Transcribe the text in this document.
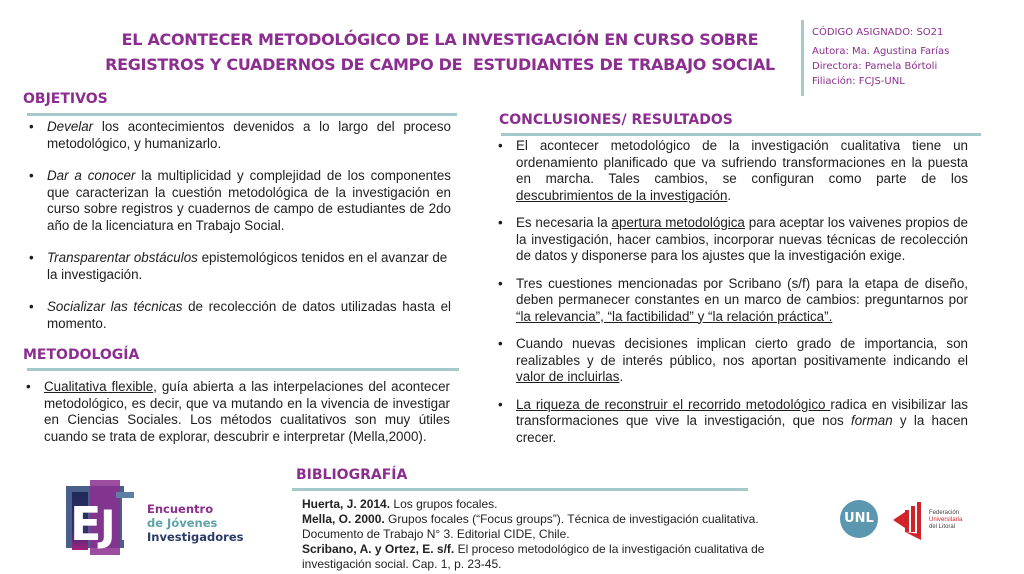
EL ACONTECER METODOLÓGICO DE LA INVESTIGACIÓN EN CURSO SOBRE
REGISTROS Y CUADERNOS DE CAMPO DE  ESTUDIANTES DE TRABAJO SOCIAL
CÓDIGO ASIGNADO: SO21
Autora: Ma. Agustina Farías
Directora: Pamela Bórtoli
Filiación: FCJS-UNL
OBJETIVOS
• Develar los acontecimientos devenidos a lo largo del proceso metodológico, y humanizarlo.
• Dar a conocer la multiplicidad y complejidad de los componentes que caracterizan la cuestión metodológica de la investigación en curso sobre registros y cuadernos de campo de estudiantes de 2do año de la licenciatura en Trabajo Social.
• Transparentar obstáculos epistemológicos tenidos en el avanzar de la investigación.
• Socializar las técnicas de recolección de datos utilizadas hasta el momento.
METODOLOGÍA
• Cualitativa flexible, guía abierta a las interpelaciones del acontecer metodológico, es decir, que va mutando en la vivencia de investigar en Ciencias Sociales. Los métodos cualitativos son muy útiles cuando se trata de explorar, descubrir e interpretar (Mella,2000).
CONCLUSIONES/ RESULTADOS
• El acontecer metodológico de la investigación cualitativa tiene un ordenamiento planificado que va sufriendo transformaciones en la puesta en marcha. Tales cambios, se configuran como parte de los descubrimientos de la investigación.
• Es necesaria la apertura metodológica para aceptar los vaivenes propios de la investigación, hacer cambios, incorporar nuevas técnicas de recolección de datos y disponerse para los ajustes que la investigación exige.
• Tres cuestiones mencionadas por Scribano (s/f) para la etapa de diseño, deben permanecer constantes en un marco de cambios: preguntarnos por “la relevancia”, “la factibilidad” y “la relación práctica”.
• Cuando nuevas decisiones implican cierto grado de importancia, son realizables y de interés público, nos aportan positivamente indicando el valor de incluirlas.
• La riqueza de reconstruir el recorrido metodológico radica en visibilizar las transformaciones que vive la investigación, que nos forman y la hacen crecer.
BIBLIOGRAFÍA
Huerta, J. 2014. Los grupos focales.
Mella, O. 2000. Grupos focales (“Focus groups”). Técnica de investigación cualitativa. Documento de Trabajo N° 3. Editorial CIDE, Chile.
Scribano, A. y Ortez, E. s/f. El proceso metodológico de la investigación cualitativa de investigación social. Cap. 1, p. 23-45.
E
J	Encuentro
de Jóvenes
Investigadores
UNL	Federación
Universitaria
del Litoral
